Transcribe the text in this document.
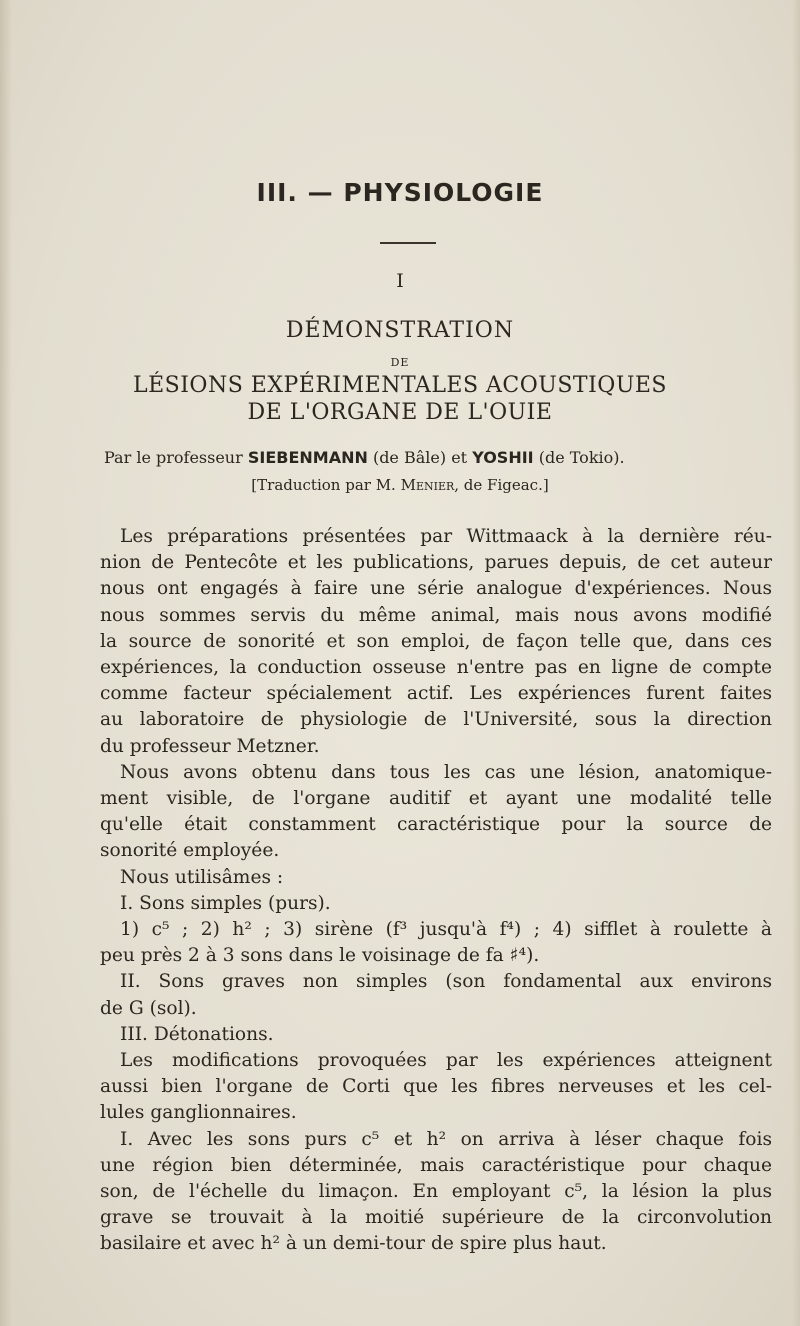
III. — PHYSIOLOGIE
I
DÉMONSTRATION
DE
LÉSIONS EXPÉRIMENTALES ACOUSTIQUES
DE L'ORGANE DE L'OUIE
Par le professeur SIEBENMANN (de Bâle) et YOSHII (de Tokio).
[Traduction par M. Menier, de Figeac.]
Les préparations présentées par Wittmaack à la dernière réu-
nion de Pentecôte et les publications, parues depuis, de cet auteur
nous ont engagés à faire une série analogue d'expériences. Nous
nous sommes servis du même animal, mais nous avons modifié
la source de sonorité et son emploi, de façon telle que, dans ces
expériences, la conduction osseuse n'entre pas en ligne de compte
comme facteur spécialement actif. Les expériences furent faites
au laboratoire de physiologie de l'Université, sous la direction
du professeur Metzner.
Nous avons obtenu dans tous les cas une lésion, anatomique-
ment visible, de l'organe auditif et ayant une modalité telle
qu'elle était constamment caractéristique pour la source de
sonorité employée.
Nous utilisâmes :
I. Sons simples (purs).
1) c⁵ ; 2) h² ; 3) sirène (f³ jusqu'à f⁴) ; 4) sifflet à roulette à
peu près 2 à 3 sons dans le voisinage de fa ♯⁴).
II. Sons graves non simples (son fondamental aux environs
de G (sol).
III. Détonations.
Les modifications provoquées par les expériences atteignent
aussi bien l'organe de Corti que les fibres nerveuses et les cel-
lules ganglionnaires.
I. Avec les sons purs c⁵ et h² on arriva à léser chaque fois
une région bien déterminée, mais caractéristique pour chaque
son, de l'échelle du limaçon. En employant c⁵, la lésion la plus
grave se trouvait à la moitié supérieure de la circonvolution
basilaire et avec h² à un demi-tour de spire plus haut.
